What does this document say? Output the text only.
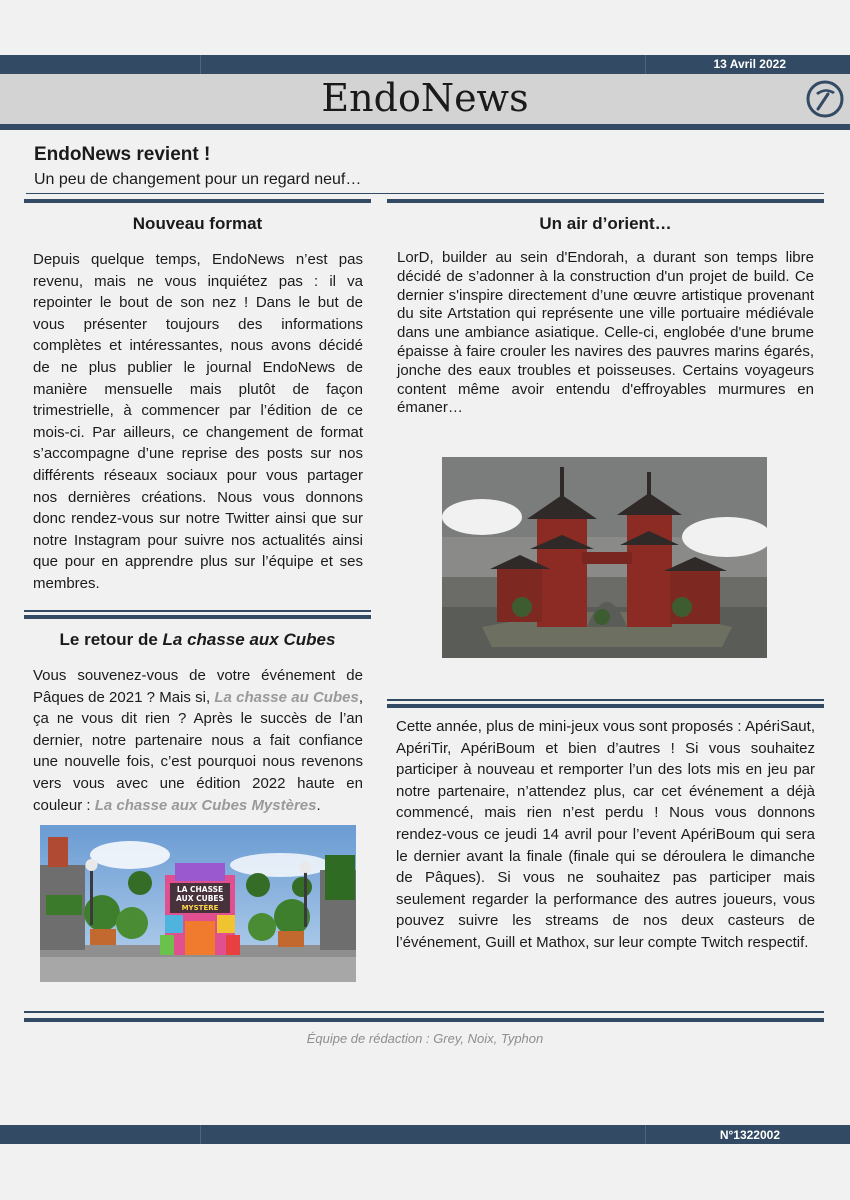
13 Avril 2022
EndoNews
EndoNews revient !
Un peu de changement pour un regard neuf…
Nouveau format
Depuis quelque temps, EndoNews n’est pas revenu, mais ne vous inquiétez pas : il va repointer le bout de son nez ! Dans le but de vous présenter toujours des informations complètes et intéressantes, nous avons décidé de ne plus publier le journal EndoNews de manière mensuelle mais plutôt de façon trimestrielle, à commencer par l’édition de ce mois-ci. Par ailleurs, ce changement de format s’accompagne d’une reprise des posts sur nos différents réseaux sociaux pour vous partager nos dernières créations. Nous vous donnons donc rendez-vous sur notre Twitter ainsi que sur notre Instagram pour suivre nos actualités ainsi que pour en apprendre plus sur l’équipe et ses membres.
Le retour de La chasse aux Cubes
Vous souvenez-vous de votre événement de Pâques de 2021 ? Mais si, La chasse au Cubes, ça ne vous dit rien ? Après le succès de l’an dernier, notre partenaire nous a fait confiance une nouvelle fois, c’est pourquoi nous revenons vers vous avec une édition 2022 haute en couleur : La chasse aux Cubes Mystères.
LA CHASSE
AUX CUBES
MYSTÈRE
Un air d’orient…
LorD, builder au sein d'Endorah, a durant son temps libre décidé de s’adonner à la construction d'un projet de build. Ce dernier s'inspire directement d’une œuvre artistique provenant du site Artstation qui représente une ville portuaire médiévale dans une ambiance asiatique. Celle-ci, englobée d'une brume épaisse à faire crouler les navires des pauvres marins égarés, jonche des eaux troubles et poisseuses. Certains voyageurs content même avoir entendu d'effroyables murmures en émaner…
Cette année, plus de mini-jeux vous sont proposés : ApériSaut, ApériTir, ApériBoum et bien d’autres ! Si vous souhaitez participer à nouveau et remporter l’un des lots mis en jeu par notre partenaire, n’attendez plus, car cet événement a déjà commencé, mais rien n’est perdu ! Nous vous donnons rendez-vous ce jeudi 14 avril pour l’event ApériBoum qui sera le dernier avant la finale (finale qui se déroulera le dimanche de Pâques). Si vous ne souhaitez pas participer mais seulement regarder la performance des autres joueurs, vous pouvez suivre les streams de nos deux casteurs de l’événement, Guill et Mathox, sur leur compte Twitch respectif.
Équipe de rédaction : Grey, Noix, Typhon
N°1322002
